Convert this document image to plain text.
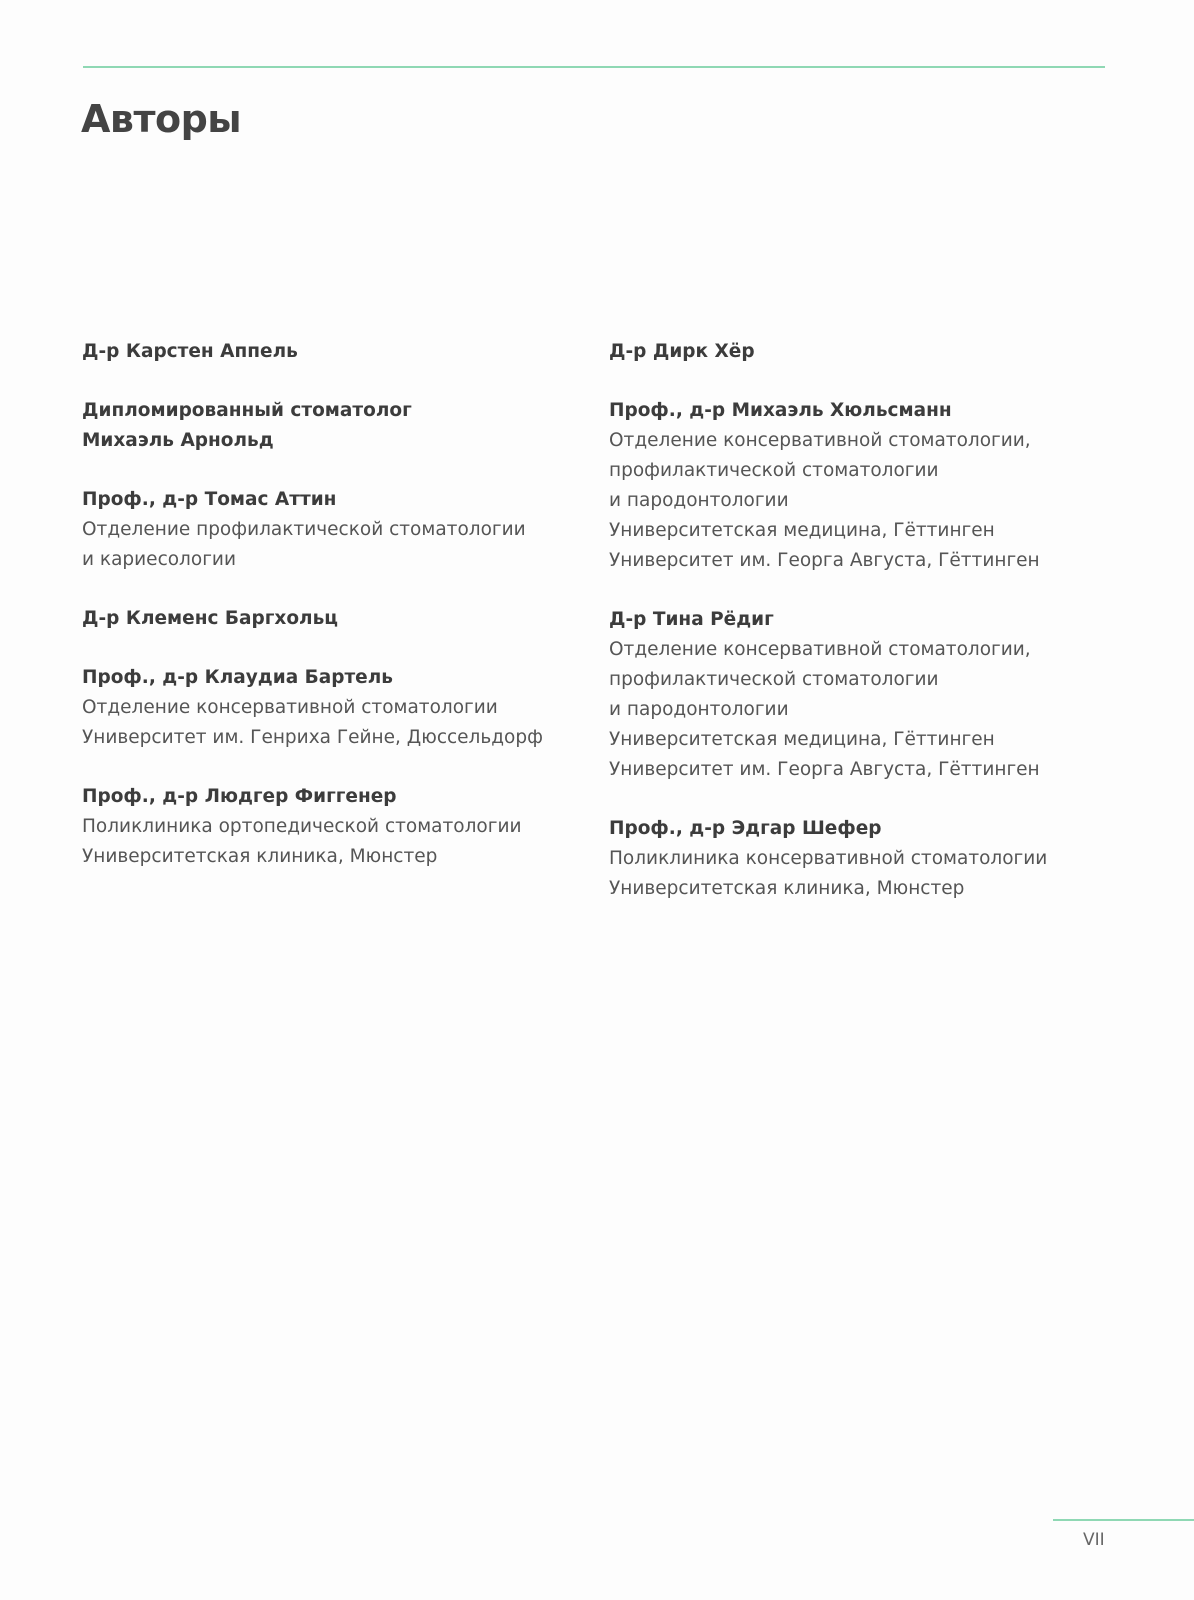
Авторы
Д-р Карстен Аппель
Дипломированный стоматолог
Михаэль Арнольд
Проф., д-р Томас Аттин
Отделение профилактической стоматологии
и кариесологии
Д-р Клеменс Баргхольц
Проф., д-р Клаудиа Бартель
Отделение консервативной стоматологии
Университет им. Генриха Гейне, Дюссельдорф
Проф., д-р Людгер Фиггенер
Поликлиника ортопедической стоматологии
Университетская клиника, Мюнстер
Д-р Дирк Хёр
Проф., д-р Михаэль Хюльсманн
Отделение консервативной стоматологии,
профилактической стоматологии
и пародонтологии
Университетская медицина, Гёттинген
Университет им. Георга Августа, Гёттинген
Д-р Тина Рёдиг
Отделение консервативной стоматологии,
профилактической стоматологии
и пародонтологии
Университетская медицина, Гёттинген
Университет им. Георга Августа, Гёттинген
Проф., д-р Эдгар Шефер
Поликлиника консервативной стоматологии
Университетская клиника, Мюнстер
VII
